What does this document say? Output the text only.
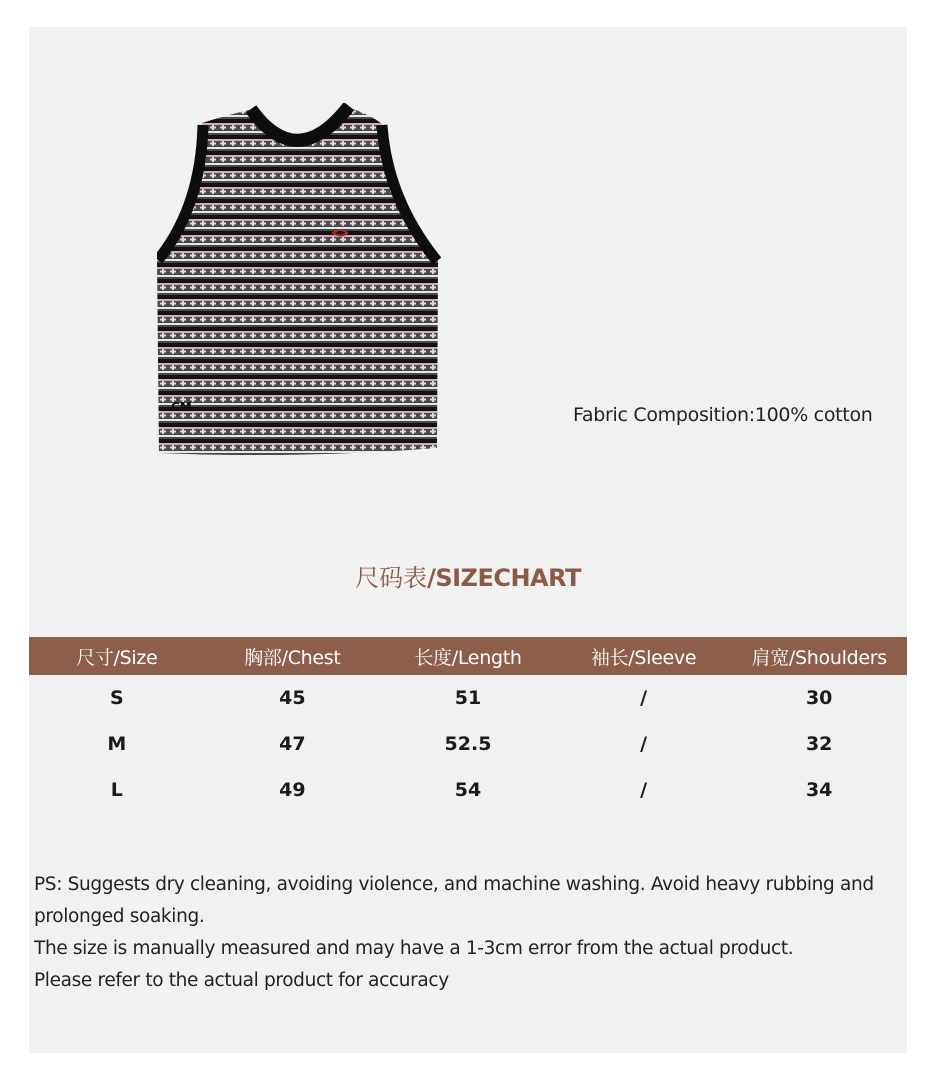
CM	Fabric Composition:100% cotton
尺码表/SIZECHART
尺寸/Size	胸部/Chest	长度/Length	袖长/Sleeve	肩宽/Shoulders
S	45	51	/	30
M	47	52.5	/	32
L	49	54	/	34

PS: Suggests dry cleaning, avoiding violence, and machine washing. Avoid heavy rubbing and prolonged soaking.

The size is manually measured and may have a 1-3cm error from the actual product.

Please refer to the actual product for accuracy
